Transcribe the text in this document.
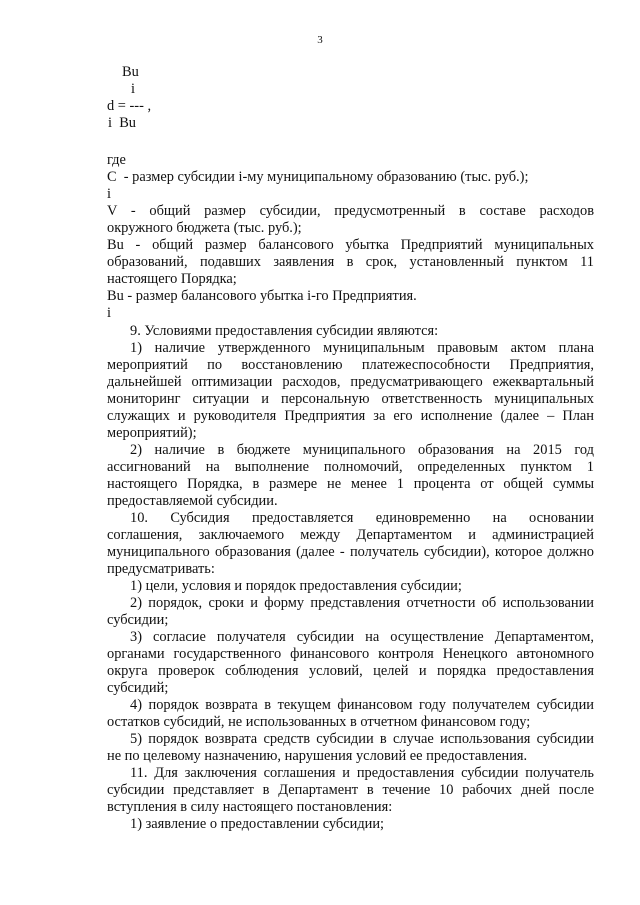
3
Bu
i
d = --- ,
i  Bu
где
С  - размер субсидии i-му муниципальному образованию (тыс. руб.);
i
V - общий размер субсидии, предусмотренный в составе расходов
окружного бюджета (тыс. руб.);
Bu - общий размер балансового убытка Предприятий муниципальных
образований, подавших заявления в срок, установленный пунктом 11
настоящего Порядка;
Bu - размер балансового убытка i-го Предприятия.
i
9. Условиями предоставления субсидии являются:
1) наличие утвержденного муниципальным правовым актом плана
мероприятий по восстановлению платежеспособности Предприятия,
дальнейшей оптимизации расходов, предусматривающего ежеквартальный
мониторинг ситуации и персональную ответственность муниципальных
служащих и руководителя Предприятия за его исполнение (далее – План
мероприятий);
2) наличие в бюджете муниципального образования на 2015 год
ассигнований на выполнение полномочий, определенных пунктом 1
настоящего Порядка, в размере не менее 1 процента от общей суммы
предоставляемой субсидии.
10. Субсидия предоставляется единовременно на основании
соглашения, заключаемого между Департаментом и администрацией
муниципального образования (далее - получатель субсидии), которое должно
предусматривать:
1) цели, условия и порядок предоставления субсидии;
2) порядок, сроки и форму представления отчетности об использовании
субсидии;
3) согласие получателя субсидии на осуществление Департаментом,
органами государственного финансового контроля Ненецкого автономного
округа проверок соблюдения условий, целей и порядка предоставления
субсидий;
4) порядок возврата в текущем финансовом году получателем субсидии
остатков субсидий, не использованных в отчетном финансовом году;
5) порядок возврата средств субсидии в случае использования субсидии
не по целевому назначению, нарушения условий ее предоставления.
11. Для заключения соглашения и предоставления субсидии получатель
субсидии представляет в Департамент в течение 10 рабочих дней после
вступления в силу настоящего постановления:
1) заявление о предоставлении субсидии;
